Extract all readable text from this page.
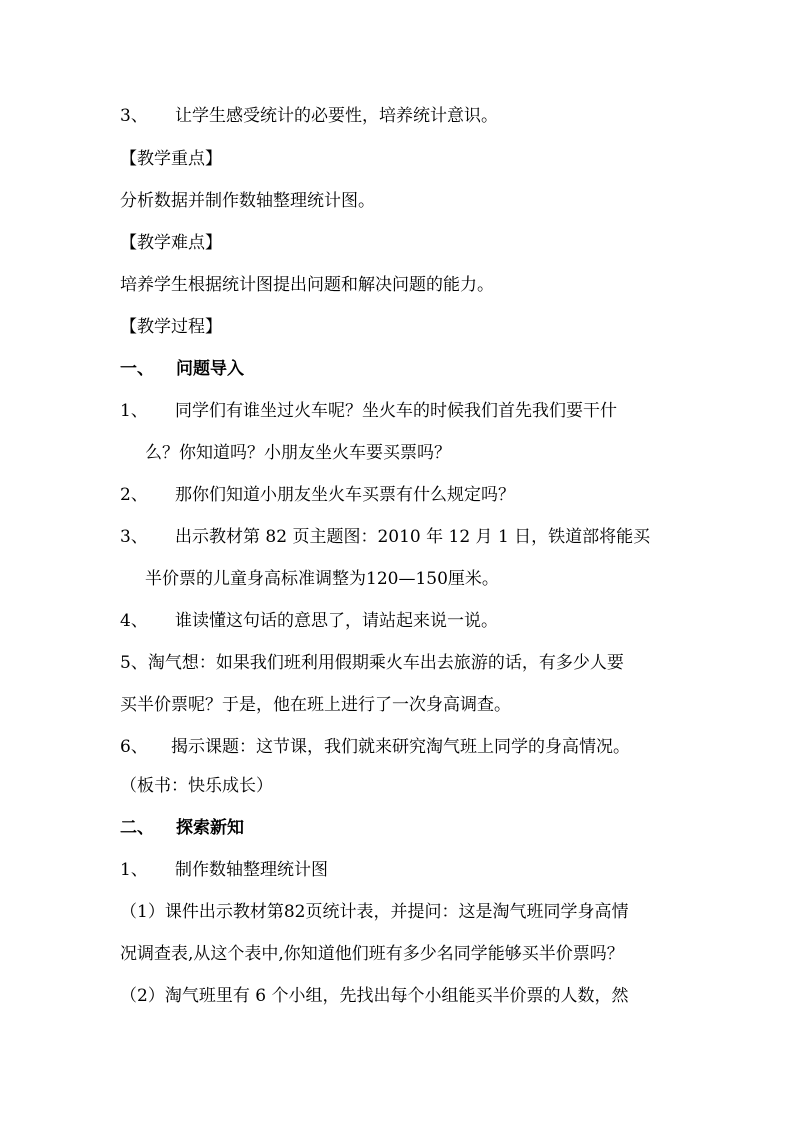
3、 让学生感受统计的必要性，培养统计意识。
【教学重点】
分析数据并制作数轴整理统计图。
【教学难点】
培养学生根据统计图提出问题和解决问题的能力。
【教学过程】
一、 问题导入
1、 同学们有谁坐过火车呢？坐火车的时候我们首先我们要干什
么？你知道吗？小朋友坐火车要买票吗？
2、 那你们知道小朋友坐火车买票有什么规定吗？
3、 出示教材第 82 页主题图：2010 年 12 月 1 日，铁道部将能买
半价票的儿童身高标准调整为120—150厘米。
4、 谁读懂这句话的意思了，请站起来说一说。
5、淘气想：如果我们班利用假期乘火车出去旅游的话，有多少人要
买半价票呢？于是，他在班上进行了一次身高调查。
6、 揭示课题：这节课，我们就来研究淘气班上同学的身高情况。
（板书：快乐成长）
二、 探索新知
1、 制作数轴整理统计图
（1）课件出示教材第82页统计表，并提问：这是淘气班同学身高情
况调查表,从这个表中,你知道他们班有多少名同学能够买半价票吗？
（2）淘气班里有 6 个小组，先找出每个小组能买半价票的人数，然
